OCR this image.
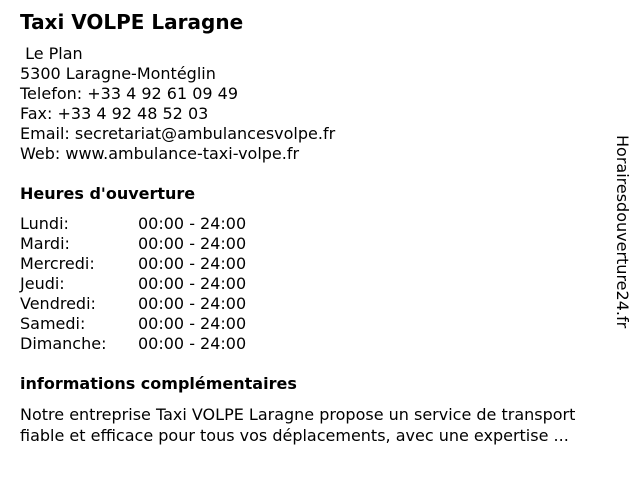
Taxi VOLPE Laragne
Le Plan
5300 Laragne-Montéglin
Telefon: +33 4 92 61 09 49
Fax: +33 4 92 48 52 03
Email: secretariat@ambulancesvolpe.fr
Web: www.ambulance-taxi-volpe.fr
Heures d'ouverture
Lundi:	00:00 - 24:00
Mardi:	00:00 - 24:00
Mercredi:	00:00 - 24:00
Jeudi:	00:00 - 24:00
Vendredi:	00:00 - 24:00
Samedi:	00:00 - 24:00
Dimanche: 00:00 - 24:00
informations complémentaires
Notre entreprise Taxi VOLPE Laragne propose un service de transport
fiable et efficace pour tous vos déplacements, avec une expertise ...
Horairesdouverture24.fr
